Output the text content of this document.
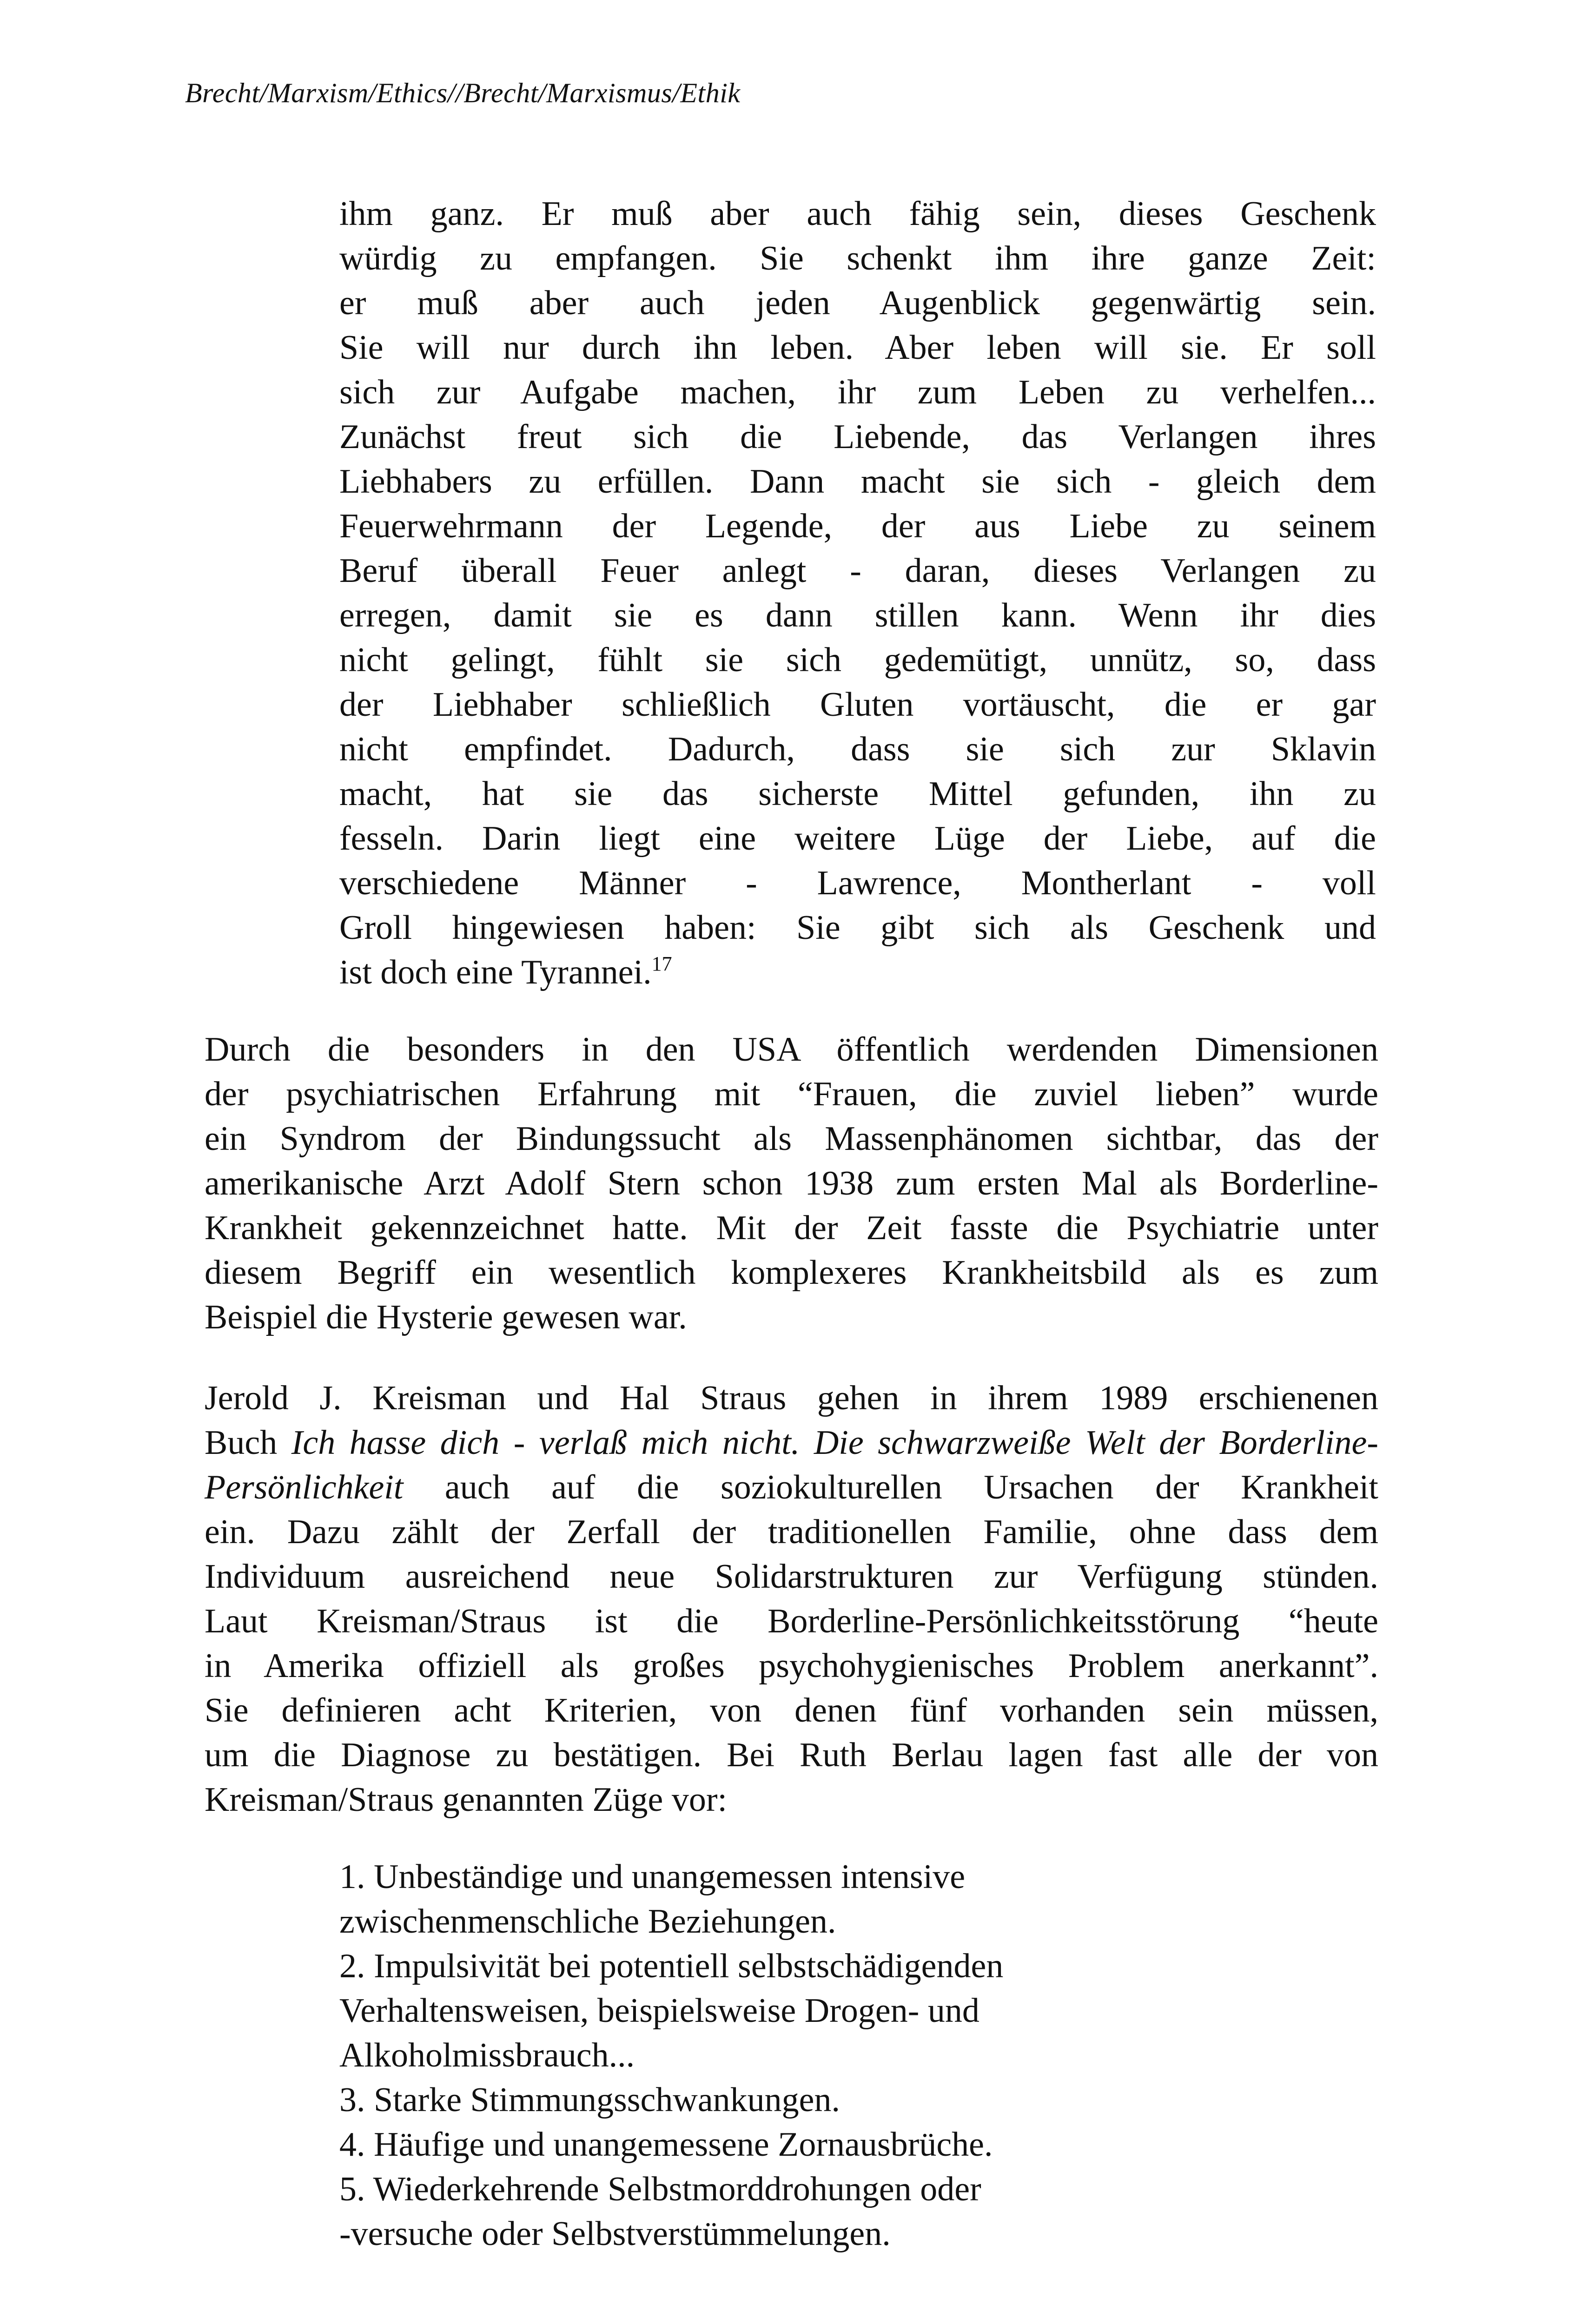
Brecht/Marxism/Ethics//Brecht/Marxismus/Ethik
ihm ganz. Er muß aber auch fähig sein, dieses Geschenk
würdig zu empfangen. Sie schenkt ihm ihre ganze Zeit:
er muß aber auch jeden Augenblick gegenwärtig sein.
Sie will nur durch ihn leben. Aber leben will sie. Er soll
sich zur Aufgabe machen, ihr zum Leben zu verhelfen...
Zunächst freut sich die Liebende, das Verlangen ihres
Liebhabers zu erfüllen. Dann macht sie sich - gleich dem
Feuerwehrmann der Legende, der aus Liebe zu seinem
Beruf überall Feuer anlegt - daran, dieses Verlangen zu
erregen, damit sie es dann stillen kann. Wenn ihr dies
nicht gelingt, fühlt sie sich gedemütigt, unnütz, so, dass
der Liebhaber schließlich Gluten vortäuscht, die er gar
nicht empfindet. Dadurch, dass sie sich zur Sklavin
macht, hat sie das sicherste Mittel gefunden, ihn zu
fesseln. Darin liegt eine weitere Lüge der Liebe, auf die
verschiedene Männer - Lawrence, Montherlant - voll
Groll hingewiesen haben: Sie gibt sich als Geschenk und
ist doch eine Tyrannei.$^{17}$
Durch die besonders in den USA öffentlich werdenden Dimensionen
der psychiatrischen Erfahrung mit “Frauen, die zuviel lieben” wurde
ein Syndrom der Bindungssucht als Massenphänomen sichtbar, das der
amerikanische Arzt Adolf Stern schon 1938 zum ersten Mal als Borderline-
Krankheit gekennzeichnet hatte. Mit der Zeit fasste die Psychiatrie unter
diesem Begriff ein wesentlich komplexeres Krankheitsbild als es zum
Beispiel die Hysterie gewesen war.
Jerold J. Kreisman und Hal Straus gehen in ihrem 1989 erschienenen
Buch Ich hasse dich - verlaß mich nicht. Die schwarzweiße Welt der Borderline-
Persönlichkeit auch auf die soziokulturellen Ursachen der Krankheit
ein. Dazu zählt der Zerfall der traditionellen Familie, ohne dass dem
Individuum ausreichend neue Solidarstrukturen zur Verfügung stünden.
Laut Kreisman/Straus ist die Borderline-Persönlichkeitsstörung “heute
in Amerika offiziell als großes psychohygienisches Problem anerkannt”.
Sie definieren acht Kriterien, von denen fünf vorhanden sein müssen,
um die Diagnose zu bestätigen. Bei Ruth Berlau lagen fast alle der von
Kreisman/Straus genannten Züge vor:
1. Unbeständige und unangemessen intensive
zwischenmenschliche Beziehungen.
2. Impulsivität bei potentiell selbstschädigenden
Verhaltensweisen, beispielsweise Drogen- und
Alkoholmissbrauch...
3. Starke Stimmungsschwankungen.
4. Häufige und unangemessene Zornausbrüche.
5. Wiederkehrende Selbstmorddrohungen oder
-versuche oder Selbstverstümmelungen.
